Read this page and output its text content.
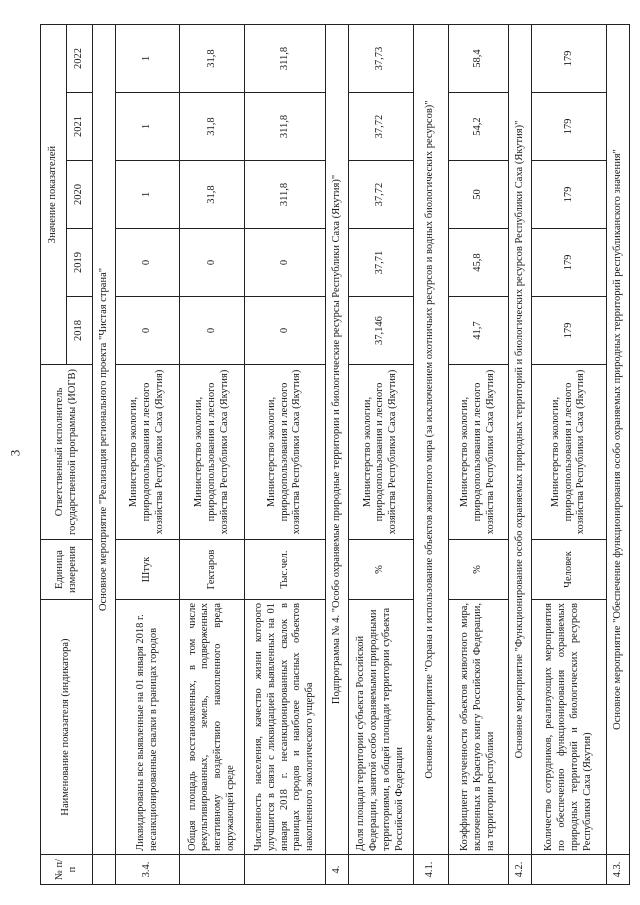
3
№ п/п	Наименование показателя (индикатора)	Единица измерения	Ответственный исполнитель государственной программы (ИОГВ)	Значение показателей				
				2018	2019	2020	2021	2022
	Основное мероприятие "Реализация регионального проекта "Чистая страна"							
3.4.	Ликвидированы все выявленные на 01 января 2018 г. несанкционированные свалки в границах городов	Штук	Министерство экологии, природопользования и лесного хозяйства Республики Саха (Якутия)	0	0	1	1	1
	Общая площадь восстановленных, в том числе рекультивированных, земель, подверженных негативному воздействию накопленного вреда окружающей среде	Гектаров	Министерство экологии, природопользования и лесного хозяйства Республики Саха (Якутия)	0	0	31,8	31,8	31,8
	Численность населения, качество жизни которого улучшится в связи с ликвидацией выявленных на 01 января 2018 г. несанкционированных свалок в границах городов и наиболее опасных объектов накопленного экологического ущерба	Тыс.чел.	Министерство экологии, природопользования и лесного хозяйства Республики Саха (Якутия)	0	0	311,8	311,8	311,8
4.	Подпрограмма № 4. "Особо охраняемые природные территории и биологические ресурсы Республики Саха (Якутия)"							
	Доля площади территории субъекта Российской Федерации, занятой особо охраняемыми природными территориями, в общей площади территории субъекта Российской Федерации	%	Министерство экологии, природопользования и лесного хозяйства Республики Саха (Якутия)	37,146	37,71	37,72	37,72	37,73
4.1.	Основное мероприятие "Охрана и использование объектов животного мира (за исключением охотничьих ресурсов и водных биологических ресурсов)"							
	Коэффициент изученности объектов животного мира, включенных в Красную книгу Российской Федерации, на территории республики	%	Министерство экологии, природопользования и лесного хозяйства Республики Саха (Якутия)	41,7	45,8	50	54,2	58,4
4.2.	Основное мероприятие "Функционирование особо охраняемых природных территорий и биологических ресурсов Республики Саха (Якутия)"							
	Количество сотрудников, реализующих мероприятия по обеспечению функционирования охраняемых природных территорий и биологических ресурсов Республики Саха (Якутия)	Человек	Министерство экологии, природопользования и лесного хозяйства Республики Саха (Якутия)	179	179	179	179	179
4.3.	Основное мероприятие "Обеспечение функционирования особо охраняемых природных территорий республиканского значения"							
